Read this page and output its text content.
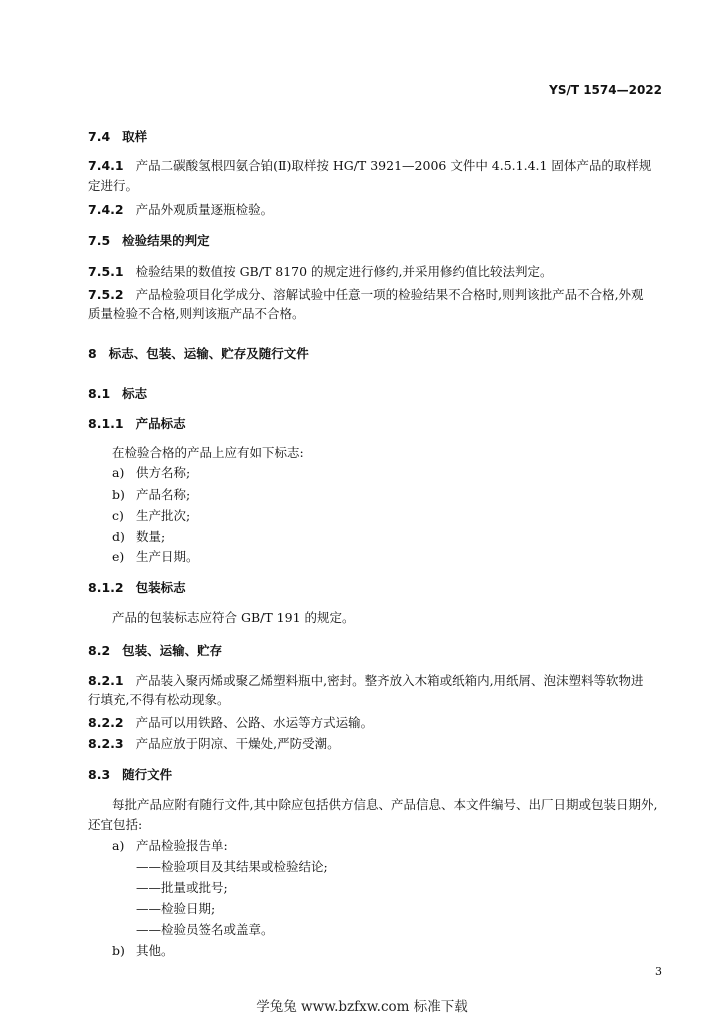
YS/T 1574—2022
7.4 取样
7.4.1 产品二碳酸氢根四氨合铂(Ⅱ)取样按 HG/T 3921—2006 文件中 4.5.1.4.1 固体产品的取样规
定进行。
7.4.2 产品外观质量逐瓶检验。
7.5 检验结果的判定
7.5.1 检验结果的数值按 GB/T 8170 的规定进行修约,并采用修约值比较法判定。
7.5.2 产品检验项目化学成分、溶解试验中任意一项的检验结果不合格时,则判该批产品不合格,外观
质量检验不合格,则判该瓶产品不合格。
8 标志、包装、运输、贮存及随行文件
8.1 标志
8.1.1 产品标志
在检验合格的产品上应有如下标志:
a) 供方名称;
b) 产品名称;
c) 生产批次;
d) 数量;
e) 生产日期。
8.1.2 包装标志
产品的包装标志应符合 GB/T 191 的规定。
8.2 包装、运输、贮存
8.2.1 产品装入聚丙烯或聚乙烯塑料瓶中,密封。整齐放入木箱或纸箱内,用纸屑、泡沫塑料等软物进
行填充,不得有松动现象。
8.2.2 产品可以用铁路、公路、水运等方式运输。
8.2.3 产品应放于阴凉、干燥处,严防受潮。
8.3 随行文件
每批产品应附有随行文件,其中除应包括供方信息、产品信息、本文件编号、出厂日期或包装日期外,
还宜包括:
a) 产品检验报告单:
——检验项目及其结果或检验结论;
——批量或批号;
——检验日期;
——检验员签名或盖章。
b) 其他。
3
学兔兔 www.bzfxw.com 标准下载
